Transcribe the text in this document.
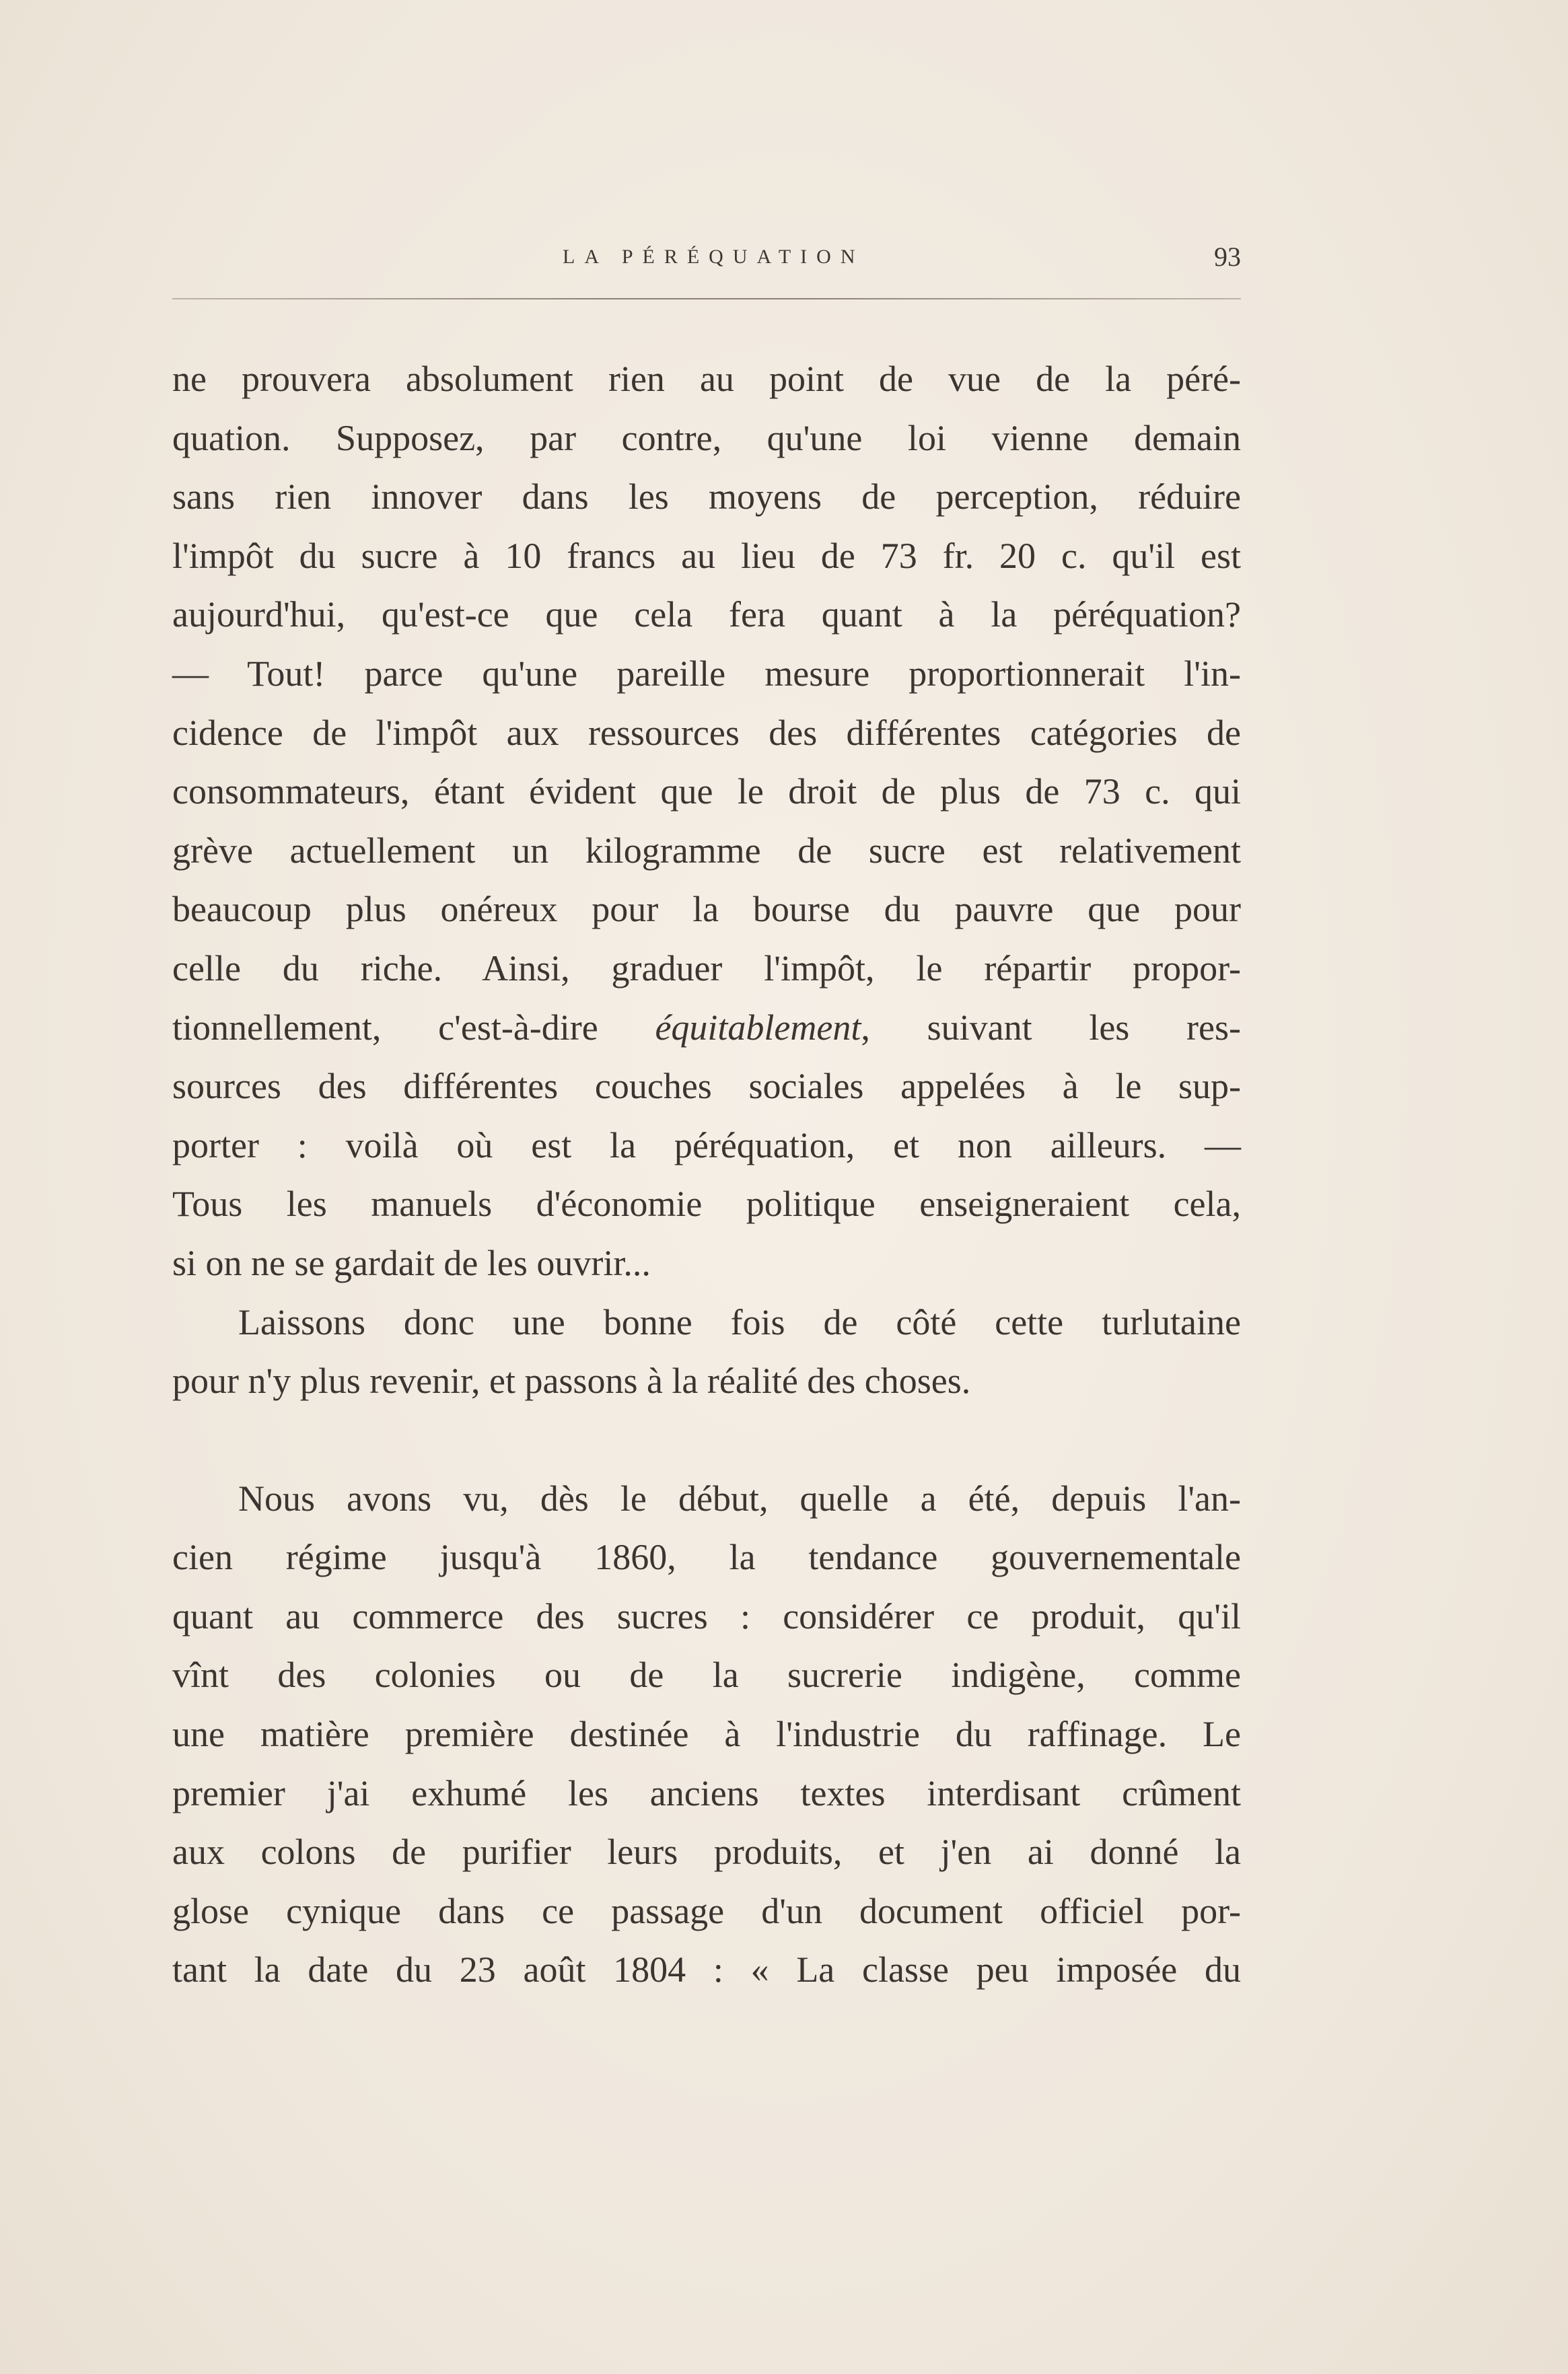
LA PÉRÉQUATION	93
ne prouvera absolument rien au point de vue de la péré-
quation. Supposez, par contre, qu'une loi vienne demain
sans rien innover dans les moyens de perception, réduire
l'impôt du sucre à 10 francs au lieu de 73 fr. 20 c. qu'il est
aujourd'hui, qu'est-ce que cela fera quant à la péréquation?
— Tout! parce qu'une pareille mesure proportionnerait l'in-
cidence de l'impôt aux ressources des différentes catégories de
consommateurs, étant évident que le droit de plus de 73 c. qui
grève actuellement un kilogramme de sucre est relativement
beaucoup plus onéreux pour la bourse du pauvre que pour
celle du riche. Ainsi, graduer l'impôt, le répartir propor-
tionnellement, c'est-à-dire équitablement, suivant les res-
sources des différentes couches sociales appelées à le sup-
porter : voilà où est la péréquation, et non ailleurs. —
Tous les manuels d'économie politique enseigneraient cela,
si on ne se gardait de les ouvrir...
Laissons donc une bonne fois de côté cette turlutaine
pour n'y plus revenir, et passons à la réalité des choses.
Nous avons vu, dès le début, quelle a été, depuis l'an-
cien régime jusqu'à 1860, la tendance gouvernementale
quant au commerce des sucres : considérer ce produit, qu'il
vînt des colonies ou de la sucrerie indigène, comme
une matière première destinée à l'industrie du raffinage. Le
premier j'ai exhumé les anciens textes interdisant crûment
aux colons de purifier leurs produits, et j'en ai donné la
glose cynique dans ce passage d'un document officiel por-
tant la date du 23 août 1804 : « La classe peu imposée du
